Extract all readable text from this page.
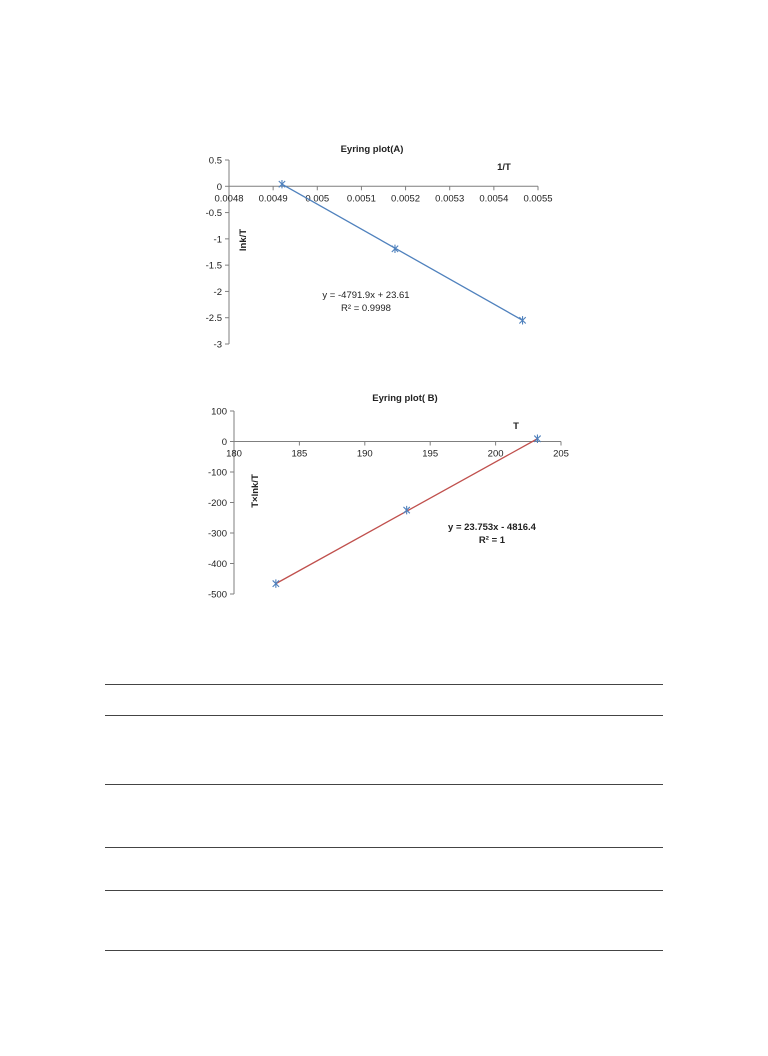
Eyring plot(A)
1/T
lnk/T
y = -4791.9x + 23.61
R² = 0.9998
0.5
0
-0.5
-1
-1.5
-2
-2.5
-3
0.0048 0.0049 0.005 0.0051 0.0052 0.0053 0.0054 0.0055
Eyring plot( B)
T
T×lnk/T
y = 23.753x - 4816.4
R² = 1
100
0
-100
-200
-300
-400
-500
180	185	190	195	200	205
